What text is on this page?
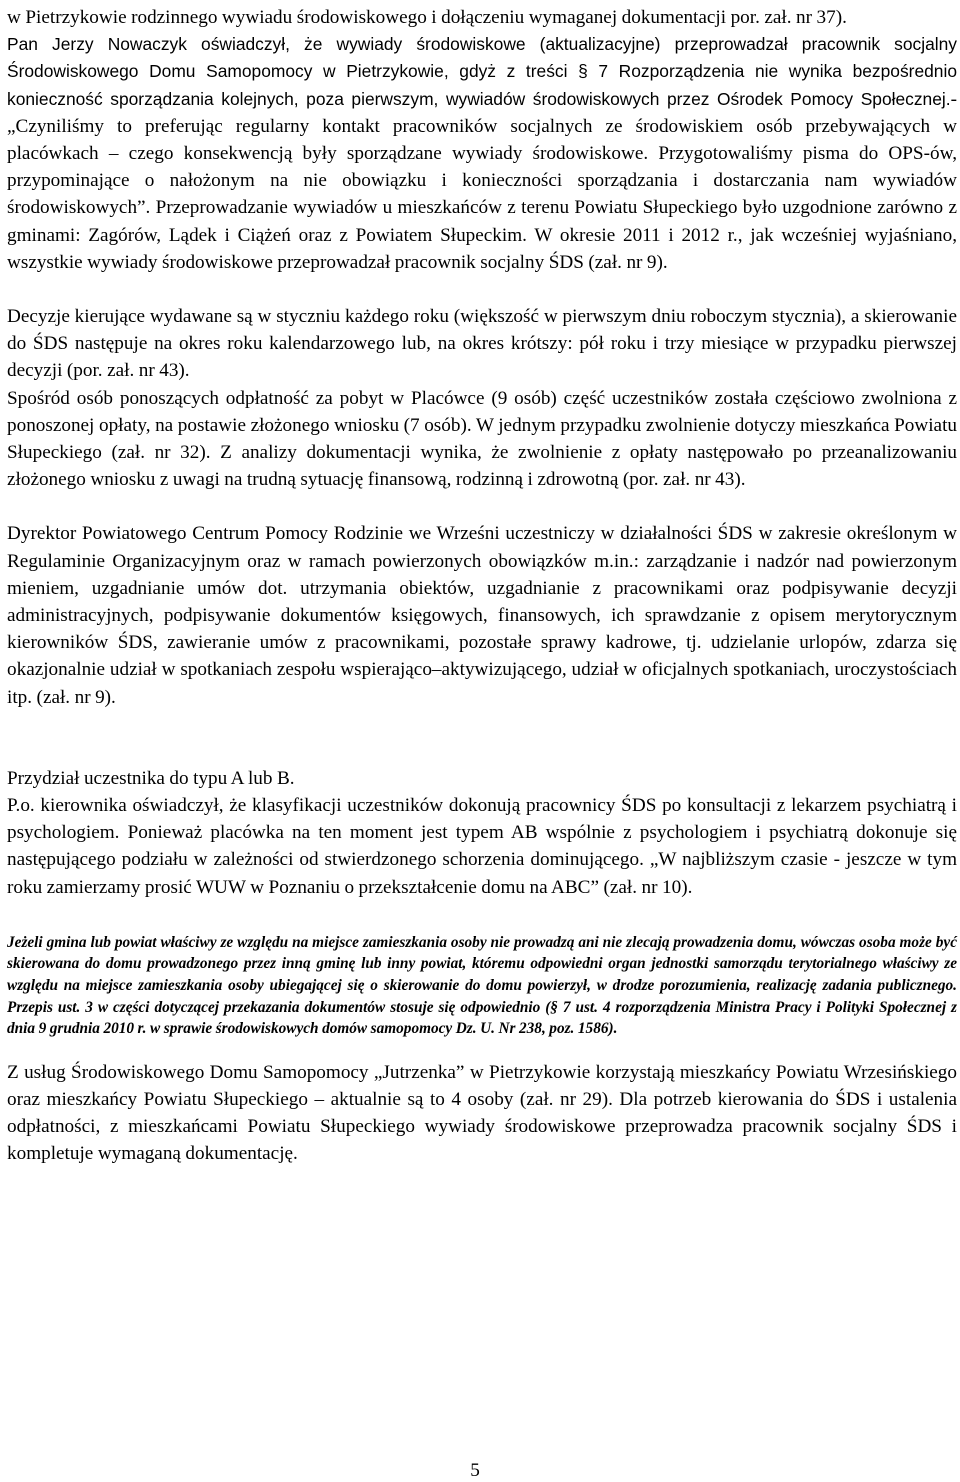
w Pietrzykowie rodzinnego wywiadu środowiskowego i dołączeniu wymaganej dokumentacji por. zał. nr 37).

Pan Jerzy Nowaczyk oświadczył, że wywiady środowiskowe (aktualizacyjne) przeprowadzał pracownik socjalny Środowiskowego Domu Samopomocy w Pietrzykowie, gdyż z treści § 7 Rozporządzenia nie wynika bezpośrednio konieczność sporządzania kolejnych, poza pierwszym, wywiadów środowiskowych przez Ośrodek Pomocy Społecznej.- „Czyniliśmy to preferując regularny kontakt pracowników socjalnych ze środowiskiem osób przebywających w placówkach – czego konsekwencją były sporządzane wywiady środowiskowe. Przygotowaliśmy pisma do OPS-ów, przypominające o nałożonym na nie obowiązku i konieczności sporządzania i dostarczania nam wywiadów środowiskowych”. Przeprowadzanie wywiadów u mieszkańców z terenu Powiatu Słupeckiego było uzgodnione zarówno z gminami: Zagórów, Lądek i Ciążeń oraz z Powiatem Słupeckim. W okresie 2011 i 2012 r., jak wcześniej wyjaśniano, wszystkie wywiady środowiskowe przeprowadzał pracownik socjalny ŚDS (zał. nr 9).

Decyzje kierujące wydawane są w styczniu każdego roku (większość w pierwszym dniu roboczym stycznia), a skierowanie do ŚDS następuje na okres roku kalendarzowego lub, na okres krótszy: pół roku i trzy miesiące w przypadku pierwszej decyzji (por. zał. nr 43).

Spośród osób ponoszących odpłatność za pobyt w Placówce (9 osób) część uczestników została częściowo zwolniona z ponoszonej opłaty, na postawie złożonego wniosku (7 osób). W jednym przypadku zwolnienie dotyczy mieszkańca Powiatu Słupeckiego (zał. nr 32). Z analizy dokumentacji wynika, że zwolnienie z opłaty następowało po przeanalizowaniu złożonego wniosku z uwagi na trudną sytuację finansową, rodzinną i zdrowotną (por. zał. nr 43).

Dyrektor Powiatowego Centrum Pomocy Rodzinie we Wrześni uczestniczy w działalności ŚDS w zakresie określonym w Regulaminie Organizacyjnym oraz w ramach powierzonych obowiązków m.in.: zarządzanie i nadzór nad powierzonym mieniem, uzgadnianie umów dot. utrzymania obiektów, uzgadnianie z pracownikami oraz podpisywanie decyzji administracyjnych, podpisywanie dokumentów księgowych, finansowych, ich sprawdzanie z opisem merytorycznym kierowników ŚDS, zawieranie umów z pracownikami, pozostałe sprawy kadrowe, tj. udzielanie urlopów, zdarza się okazjonalnie udział w spotkaniach zespołu wspierająco–aktywizującego, udział w oficjalnych spotkaniach, uroczystościach itp. (zał. nr 9).

Przydział uczestnika do typu A lub B.

P.o. kierownika oświadczył, że klasyfikacji uczestników dokonują pracownicy ŚDS po konsultacji z lekarzem psychiatrą i psychologiem. Ponieważ placówka na ten moment jest typem AB wspólnie z psychologiem i psychiatrą dokonuje się następującego podziału w zależności od stwierdzonego schorzenia dominującego. „W najbliższym czasie - jeszcze w tym roku zamierzamy prosić WUW w Poznaniu o przekształcenie domu na ABC” (zał. nr 10).

Jeżeli gmina lub powiat właściwy ze względu na miejsce zamieszkania osoby nie prowadzą ani nie zlecają prowadzenia domu, wówczas osoba może być skierowana do domu prowadzonego przez inną gminę lub inny powiat, któremu odpowiedni organ jednostki samorządu terytorialnego właściwy ze względu na miejsce zamieszkania osoby ubiegającej się o skierowanie do domu powierzył, w drodze porozumienia, realizację zadania publicznego. Przepis ust. 3 w części dotyczącej przekazania dokumentów stosuje się odpowiednio (§ 7 ust. 4 rozporządzenia Ministra Pracy i Polityki Społecznej z dnia 9 grudnia 2010 r. w sprawie środowiskowych domów samopomocy Dz. U. Nr 238, poz. 1586).

Z usług Środowiskowego Domu Samopomocy „Jutrzenka” w Pietrzykowie korzystają mieszkańcy Powiatu Wrzesińskiego oraz mieszkańcy Powiatu Słupeckiego – aktualnie są to 4 osoby (zał. nr 29). Dla potrzeb kierowania do ŚDS i ustalenia odpłatności, z mieszkańcami Powiatu Słupeckiego wywiady środowiskowe przeprowadza pracownik socjalny ŚDS i kompletuje wymaganą dokumentację.

5
